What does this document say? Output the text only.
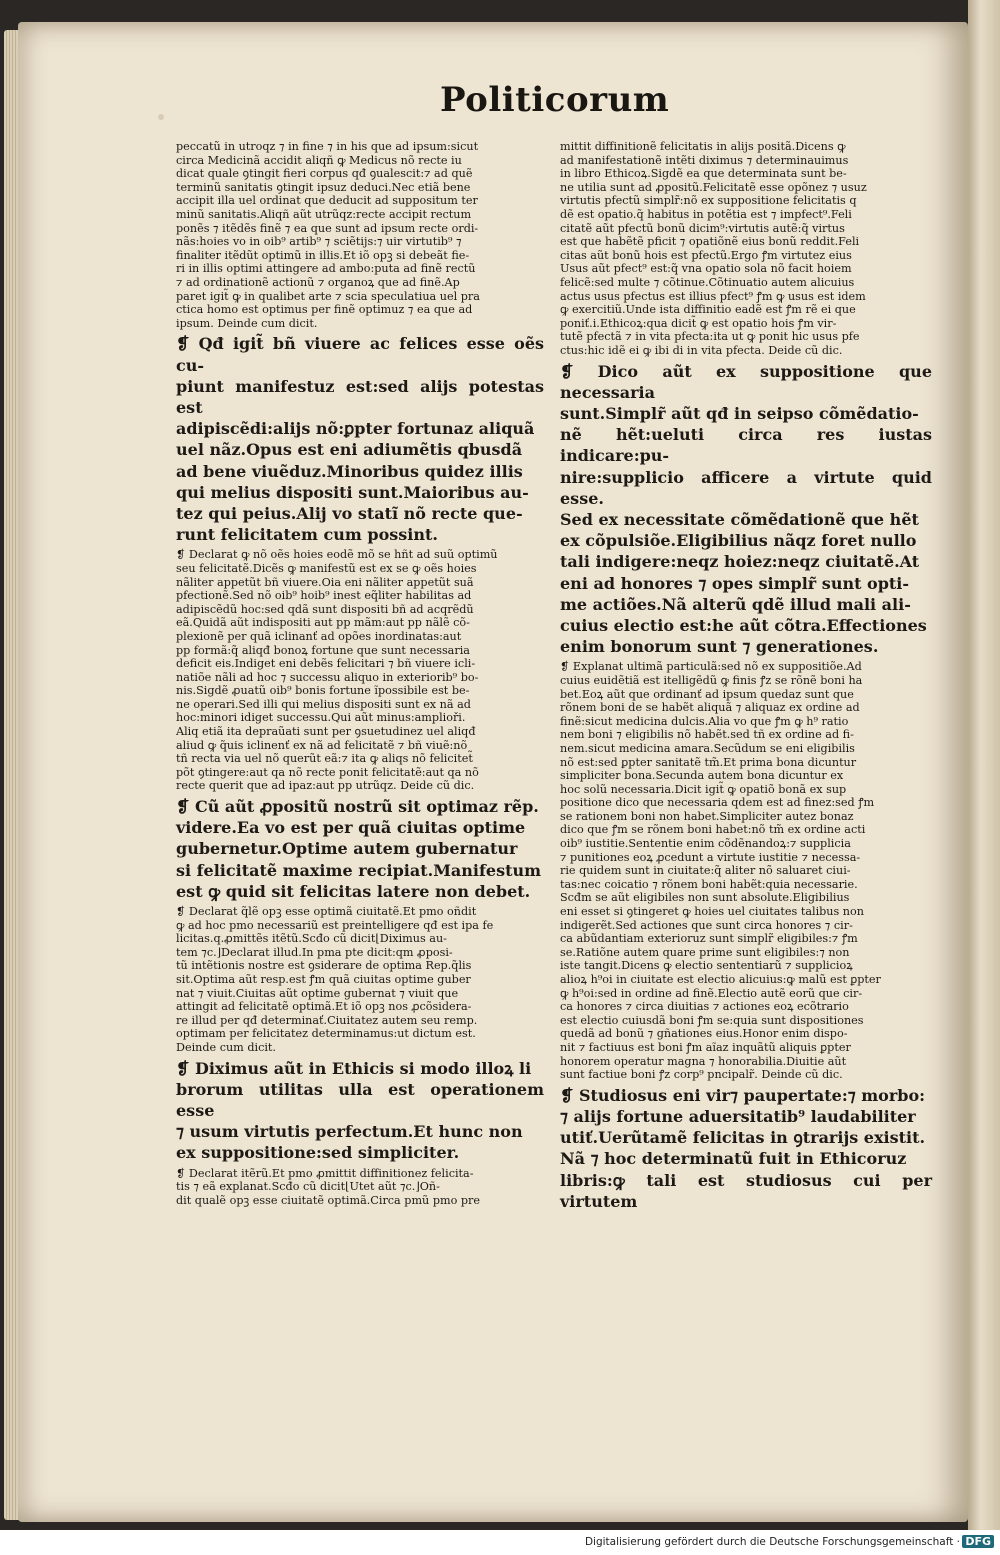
Politicorum

peccatũ in utroqz ⁊ in fine ⁊ in his que ad ipsum:sicut
circa Medicinã accidit aliqñ ꝙ Medicus nõ recte iu
dicat quale ꝯtingit fieri corpus qđ ꝯualescit:⁊ ad quẽ
terminũ sanitatis ꝯtingit ipsuz deduci.Nec etiã bene
accipit illa uel ordinat que deducit ad suppositum ter
minũ sanitatis.Aliqñ aũt utrũqz:recte accipit rectum
ponẽs ⁊ itẽdẽs finẽ ⁊ ea que sunt ad ipsum recte ordi-
nãs:hoies vo in oib⁹ artib⁹ ⁊ sciẽtijs:⁊ uir virtutib⁹ ⁊
finaliter itẽdũt optimũ in illis.Et iõ opꝫ si debeãt fie-
ri in illis optimi attingere ad ambo:puta ad finẽ rectũ
⁊ ad ordinationẽ actionũ ⁊ organoꝝ que ad finẽ.Ap
paret igit̃ ꝙ in qualibet arte ⁊ scia speculatiua uel pra
ctica homo est optimus per finẽ optimuz ⁊ ea que ad
ipsum. Deinde cum dicit.

❡ Qđ igit̃ bñ viuere ac felices esse oẽs cu-
piunt manifestuz est:sed alijs potestas est
adipiscẽdi:alijs nõ:ꝑpter fortunaz aliquã
uel nãz.Opus est eni adiumẽtis qbusdã
ad bene viuẽduz.Minoribus quidez illis
qui melius dispositi sunt.Maioribus au-
tez qui peius.Alij vo statĩ nõ recte que-
runt felicitatem cum possint.

❡ Declarat ꝙ nõ oẽs hoies eodẽ mõ se hñt ad suũ optimũ
seu felicitatẽ.Dicẽs ꝙ manifestũ est ex se ꝙ oẽs hoies
nãliter appetũt bñ viuere.Oia eni nãliter appetũt suã
pfectionẽ.Sed nõ oib⁹ hoib⁹ inest eq̃liter habilitas ad
adipiscẽdũ hoc:sed qdã sunt dispositi bñ ad acqrẽdũ
eã.Quidã aũt indispositi aut pp mãm:aut pp nãlẽ cõ-
plexionẽ per quã iclinanť ad opões inordinatas:aut
pp formã:q̃ aliqđ bonoꝝ fortune que sunt necessaria
deficit eis.Indiget eni debẽs felicitari ⁊ bñ viuere icli-
natiõe nãli ad hoc ⁊ successu aliquo in exteriorib⁹ bo-
nis.Sigdẽ ꝓuatũ oib⁹ bonis fortune ĩpossibile est be-
ne operari.Sed illi qui melius dispositi sunt ex nã ad
hoc:minori idiget successu.Qui aũt minus:amplioři.
Aliq etiã ita depraũati sunt per ꝯsuetudinez uel aliqđ
aliud ꝙ q̃uis iclinenť ex nã ad felicitatẽ ⁊ bñ viuẽ:nõ
tñ recta via uel nõ querũt eã:⁊ ita ꝙ aliqs nõ felicitet̃
põt ꝯtingere:aut qa nõ recte ponit felicitatẽ:aut qa nõ
recte querit que ad ipaz:aut pp utrũqz. Deide cũ dic.

❡ Cũ aũt ꝓpositũ nostrũ sit optimaz rẽp.
videre.Ea vo est per quã ciuitas optime
gubernetur.Optime autem gubernatur
si felicitatẽ maxime recipiat.Manifestum
est ꝙ quid sit felicitas latere non debet.

❡ Declarat q̃lẽ opꝫ esse optimã ciuitatẽ.Et pmo oñdit
ꝙ ad hoc pmo necessariũ est preintelligere qđ est ipa fe
licitas.q.ꝓmittẽs itẽtũ.Scđo cũ dicit⌊Diximus au-
tem ⁊c.⌋Declarat illud.In pma pte dicit:qm ꝓposi-
tũ intẽtionis nostre est ꝯsiderare de optima Rep.q̃lis
sit.Optima aũt resp.est ꝭm quã ciuitas optime guber
nat ⁊ viuit.Ciuitas aũt optime gubernat ⁊ viuit que
attingit ad felicitatẽ optimã.Et iõ opꝫ nos ꝓcõsidera-
re illud per qđ determinať.Ciuitatez autem seu remp.
optimam per felicitatez determinamus:ut dictum est.
Deinde cum dicit.

❡ Diximus aũt in Ethicis si modo illoꝝ li
brorum utilitas ulla est operationem esse
⁊ usum virtutis perfectum.Et hunc non
ex suppositione:sed simpliciter.

❡ Declarat itẽrũ.Et pmo ꝓmittit diffinitionez felicita-
tis ⁊ eã explanat.Scđo cũ dicit⌊Utet aũt ⁊c.⌋Oñ-
dit qualẽ opꝫ esse ciuitatẽ optimã.Circa pmũ pmo pre

mittit diffinitionẽ felicitatis in alijs positã.Dicens ꝙ
ad manifestationẽ intẽti diximus ⁊ determinauimus
in libro Ethicoꝝ.Sigdẽ ea que determinata sunt be-
ne utilia sunt ad ꝓpositũ.Felicitatẽ esse opõnez ⁊ usuz
virtutis pfectũ simplr̃:nõ ex suppositione felicitatis q
dẽ est opatio.q̃ habitus in potẽtia est ⁊ impfect⁹.Feli
citatẽ aũt pfectũ bonũ dicim⁹:virtutis autẽ:q̃ virtus
est que habẽtẽ pficit ⁊ opatiõnẽ eius bonũ reddit.Feli
citas aũt bonũ hois est pfectũ.Ergo ꝭm virtutez eius
Usus aũt pfect⁹ est:q̃ vna opatio sola nõ facit hoiem
felicẽ:sed multe ⁊ cõtinue.Cõtinuatio autem alicuius
actus usus pfectus est illius pfect⁹ ꝭm ꝙ usus est idem
ꝙ exercitiũ.Unde ista diffinitio eadẽ est ꝭm rẽ ei que
poniť.i.Ethicoꝝ:qua dicit̃ ꝙ est opatio hois ꝭm vir-
tutẽ pfectã ⁊ in vita pfecta:ita ut ꝙ ponit hic usus pfe
ctus:hic idẽ ei ꝙ ibi di in vita pfecta. Deide cũ dic.

❡ Dico aũt ex suppositione que necessaria
sunt.Simplr̃ aũt qđ in seipso cõmẽdatio-
nẽ hẽt:ueluti circa res iustas indicare:pu-
nire:supplicio afficere a virtute quid esse.
Sed ex necessitate cõmẽdationẽ que hẽt
ex cõpulsiõe.Eligibilius nãqz foret nullo
tali indigere:neqz hoiez:neqz ciuitatẽ.At
eni ad honores ⁊ opes simplr̃ sunt opti-
me actiões.Nã alterũ qdẽ illud mali ali-
cuius electio est:he aũt cõtra.Effectiones
enim bonorum sunt ⁊ generationes.

❡ Explanat ultimã particulã:sed nõ ex suppositiõe.Ad
cuius euidẽtiã est itelligẽdũ ꝙ finis ꝭz se rõnẽ boni ha
bet.Eoꝝ aũt que ordinanť ad ipsum quedaz sunt que
rõnem boni de se habẽt aliquã ⁊ aliquaz ex ordine ad
finẽ:sicut medicina dulcis.Alia vo que ꝭm ꝙ h⁹ ratio
nem boni ⁊ eligibilis nõ habẽt.sed tñ ex ordine ad fi-
nem.sicut medicina amara.Secũdum se eni eligibilis
nõ est:sed ꝑpter sanitatẽ tm̃.Et prima bona dicuntur
simpliciter bona.Secunda autem bona dicuntur ex
hoc solũ necessaria.Dicit igit̃ ꝙ opatiõ bonã ex sup
positione dico que necessaria qdem est ad finez:sed ꝭm
se rationem boni non habet.Simpliciter autez bonaz
dico que ꝭm se rõnem boni habet:nõ tm̃ ex ordine acti
oib⁹ iustitie.Sententie enim cõdẽnandoꝝ:⁊ supplicia
⁊ punitiones eoꝝ ꝓcedunt a virtute iustitie ⁊ necessa-
rie quidem sunt in ciuitate:q̃ aliter nõ saluaret ciui-
tas:nec coicatio ⁊ rõnem boni habẽt:quia necessarie.
Scđm se aũt eligibiles non sunt absolute.Eligibilius
eni esset si ꝯtingeret ꝙ hoies uel ciuitates talibus non
indigerẽt.Sed actiones que sunt circa honores ⁊ cir-
ca abũdantiam exterioruz sunt simplr̃ eligibiles:⁊ ꝭm
se.Ratiõne autem quare prime sunt eligibiles:⁊ non
iste tangit.Dicens ꝙ electio sententiarũ ⁊ supplicioꝝ
alioꝝ h⁹oi in ciuitate est electio alicuius:ꝙ malũ est ꝑpter
ꝙ h⁹oi:sed in ordine ad finẽ.Electio autẽ eorũ que cir-
ca honores ⁊ circa diuitias ⁊ actiones eoꝝ ecõtrario
est electio cuiusdã boni ꝭm se:quia sunt dispositiones
quedã ad bonũ ⁊ gñationes eius.Honor enim dispo-
nit ⁊ factiuus est boni ꝭm aĩaz inquãtũ aliquis ꝑpter
honorem operatur magna ⁊ honorabilia.Diuitie aũt
sunt factiue boni ꝭz corp⁹ pncipalr̃. Deinde cũ dic.

❡ Studiosus eni vir⁊ paupertate:⁊ morbo:
⁊ alijs fortune aduersitatib⁹ laudabiliter
utiť.Uerũtamẽ felicitas in ꝯtrarijs existit.
Nã ⁊ hoc determinatũ fuit in Ethicoruz
libris:ꝙ tali est studiosus cui per virtutem

Digitalisierung gefördert durch die Deutsche Forschungsgemeinschaft · DFG
